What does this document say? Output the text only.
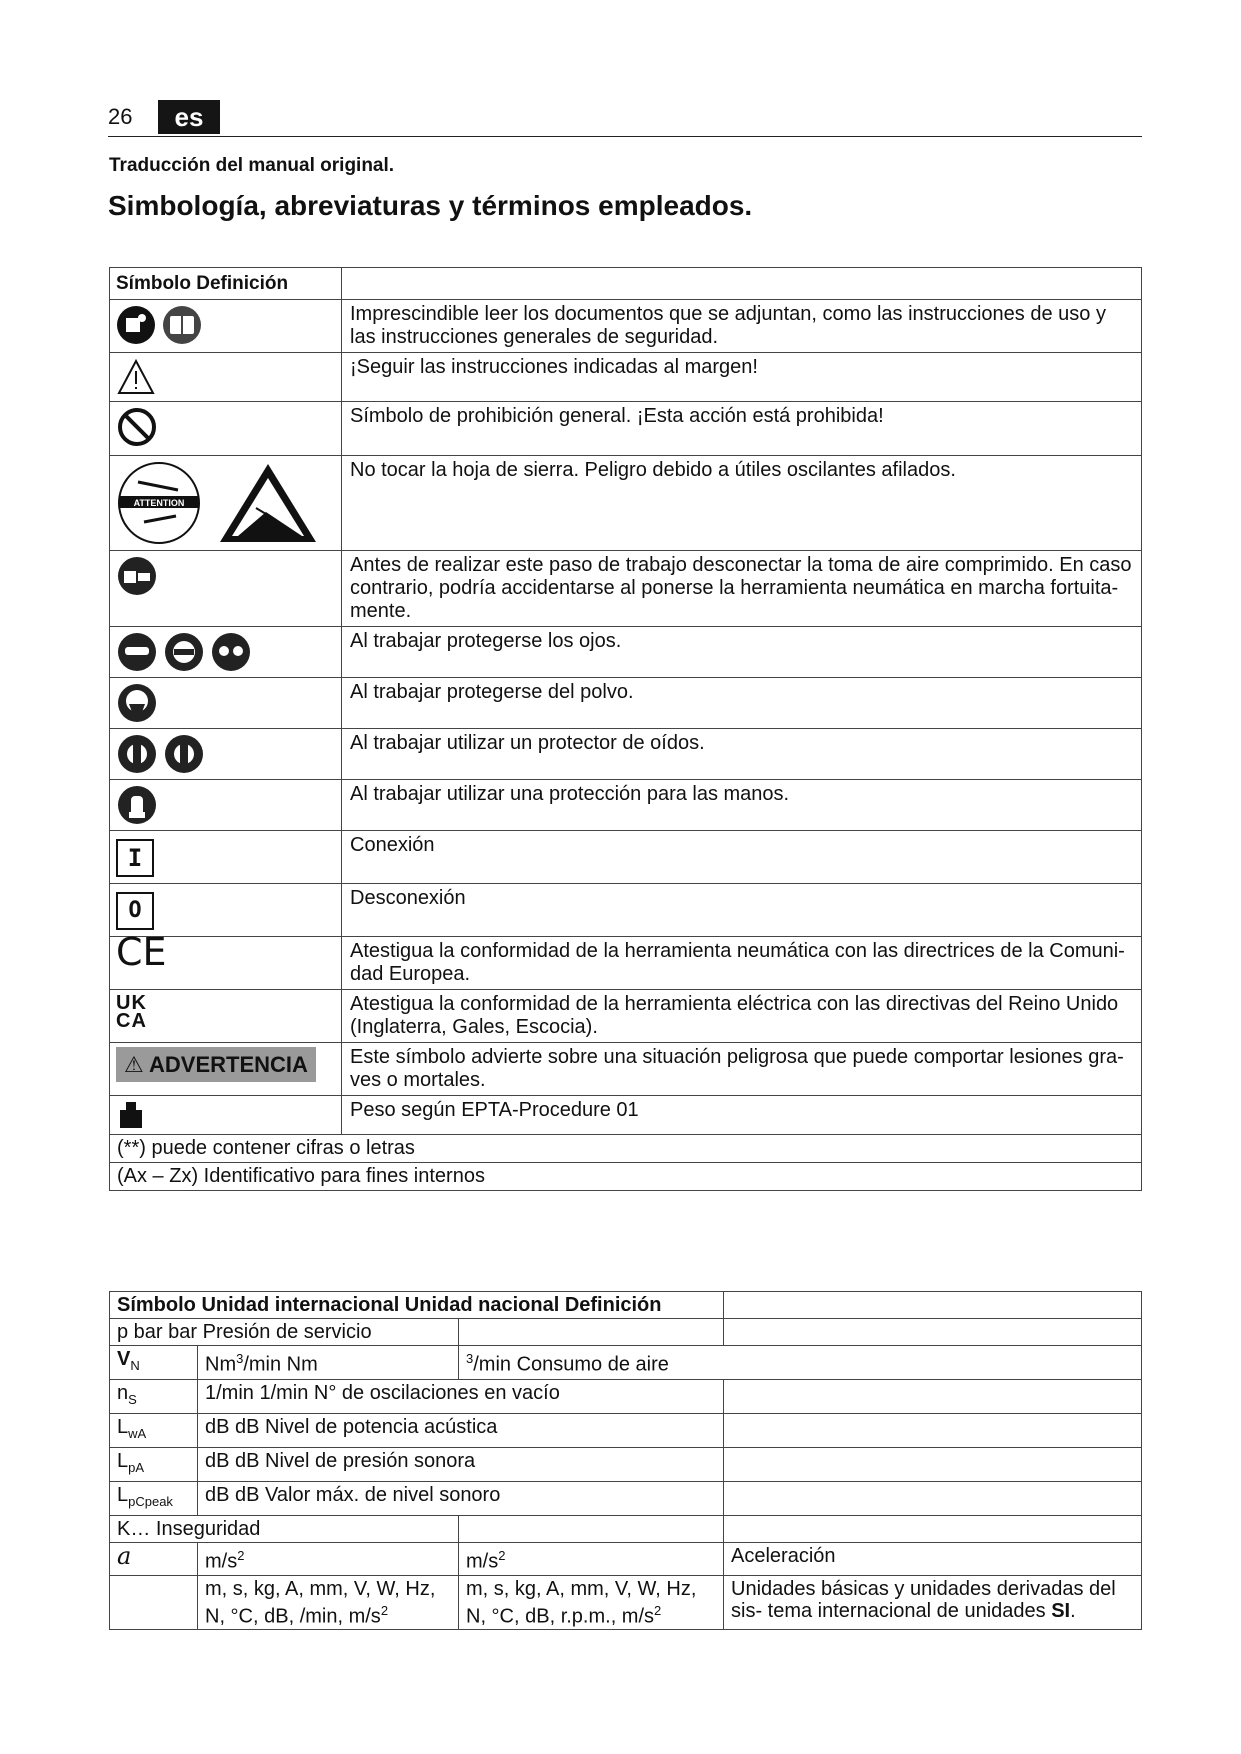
26	es
Traducción del manual original.
Simbología, abreviaturas y términos empleados.
Símbolo Definición	
	Imprescindible leer los documentos que se adjuntan, como las instrucciones de uso y las instrucciones generales de seguridad.
	¡Seguir las instrucciones indicadas al margen!
	Símbolo de prohibición general. ¡Esta acción está prohibida!

ATTENTION	No tocar la hoja de sierra. Peligro debido a útiles oscilantes afilados.
	Antes de realizar este paso de trabajo desconectar la toma de aire comprimido. En caso contrario, podría accidentarse al ponerse la herramienta neumática en marcha fortuita- mente.
	Al trabajar protegerse los ojos.
	Al trabajar protegerse del polvo.
	Al trabajar utilizar un protector de oídos.
	Al trabajar utilizar una protección para las manos.
I	Conexión
O	Desconexión
CE	Atestigua la conformidad de la herramienta neumática con las directrices de la Comuni- dad Europea.

UK
CA	Atestigua la conformidad de la herramienta eléctrica con las directivas del Reino Unido (Inglaterra, Gales, Escocia).
⚠ ADVERTENCIA	Este símbolo advierte sobre una situación peligrosa que puede comportar lesiones gra- ves o mortales.
	Peso según EPTA-Procedure 01
(**) puede contener cifras o letras	
(Ax – Zx) Identificativo para fines internos	
Símbolo Unidad internacional Unidad nacional Definición			
p bar bar Presión de servicio			
$V_N$	Nm$^3$/min Nm	$^3$/min Consumo de aire	
$n_S$	1/min 1/min N° de oscilaciones en vacío		
$L_{wA}$	dB dB Nivel de potencia acústica		
$L_{pA}$	dB dB Nivel de presión sonora		
$L_{pCpeak}$	dB dB Valor máx. de nivel sonoro		
K… Inseguridad			
a	$m/s^2$	$m/s^2$	Aceleración
	m, s, kg, A, mm, V, W, Hz, N, °C, dB, /min, $m/s^2$	m, s, kg, A, mm, V, W, Hz, N, °C, dB, r.p.m., $m/s^2$	Unidades básicas y unidades derivadas del sis- tema internacional de unidades SI.
